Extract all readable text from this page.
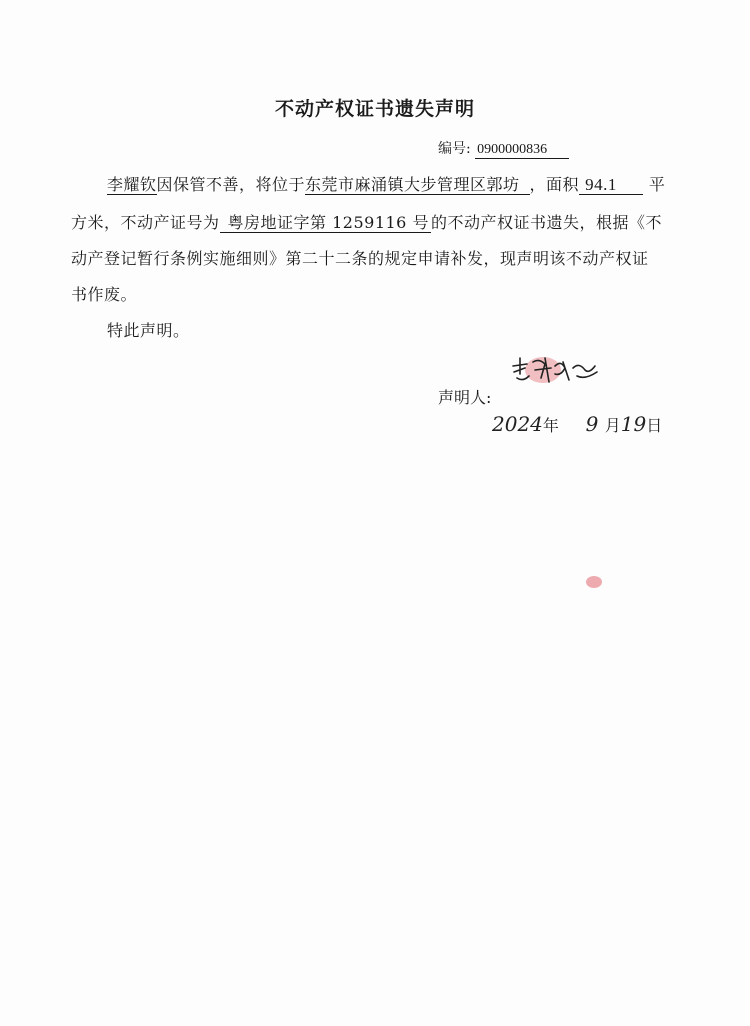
不动产权证书遗失声明
编号: 0900000836
李耀钦因保管不善，将位于东莞市麻涌镇大步管理区郭坊 ，面积 94.1 平
方米，不动产证号为 粤房地证字第 1259116 号 的不动产权证书遗失，根据《不
动产登记暂行条例实施细则》第二十二条的规定申请补发，现声明该不动产权证
书作废。
特此声明。
声明人:
2024年 9 月19日
